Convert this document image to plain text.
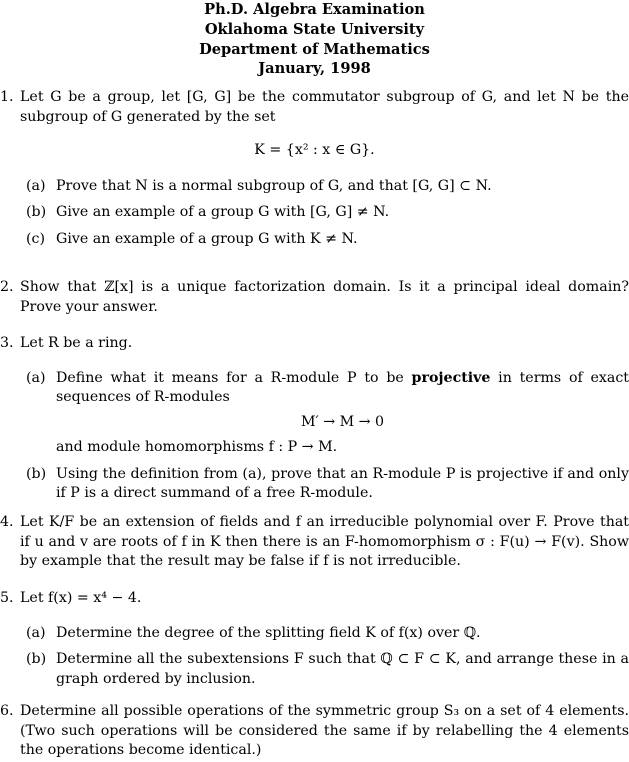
Ph.D. Algebra Examination
Oklahoma State University
Department of Mathematics
January, 1998
1. Let G be a group, let [G, G] be the commutator subgroup of G, and let N be the subgroup of G generated by the set
K = {x² : x ∈ G}.
(a) Prove that N is a normal subgroup of G, and that [G, G] ⊂ N.
(b) Give an example of a group G with [G, G] ≠ N.
(c) Give an example of a group G with K ≠ N.
2. Show that ℤ[x] is a unique factorization domain. Is it a principal ideal domain? Prove your answer.
3. Let R be a ring.
(a) Define what it means for a R-module P to be projective in terms of exact sequences of R-modules
M′ → M → 0
and module homomorphisms f : P → M.
(b) Using the definition from (a), prove that an R-module P is projective if and only if P is a direct summand of a free R-module.
4. Let K/F be an extension of fields and f an irreducible polynomial over F. Prove that if u and v are roots of f in K then there is an F-homomorphism σ : F(u) → F(v). Show by example that the result may be false if f is not irreducible.
5. Let f(x) = x⁴ − 4.
(a) Determine the degree of the splitting field K of f(x) over ℚ.
(b) Determine all the subextensions F such that ℚ ⊂ F ⊂ K, and arrange these in a graph ordered by inclusion.
6. Determine all possible operations of the symmetric group S₃ on a set of 4 elements. (Two such operations will be considered the same if by relabelling the 4 elements the operations become identical.)
